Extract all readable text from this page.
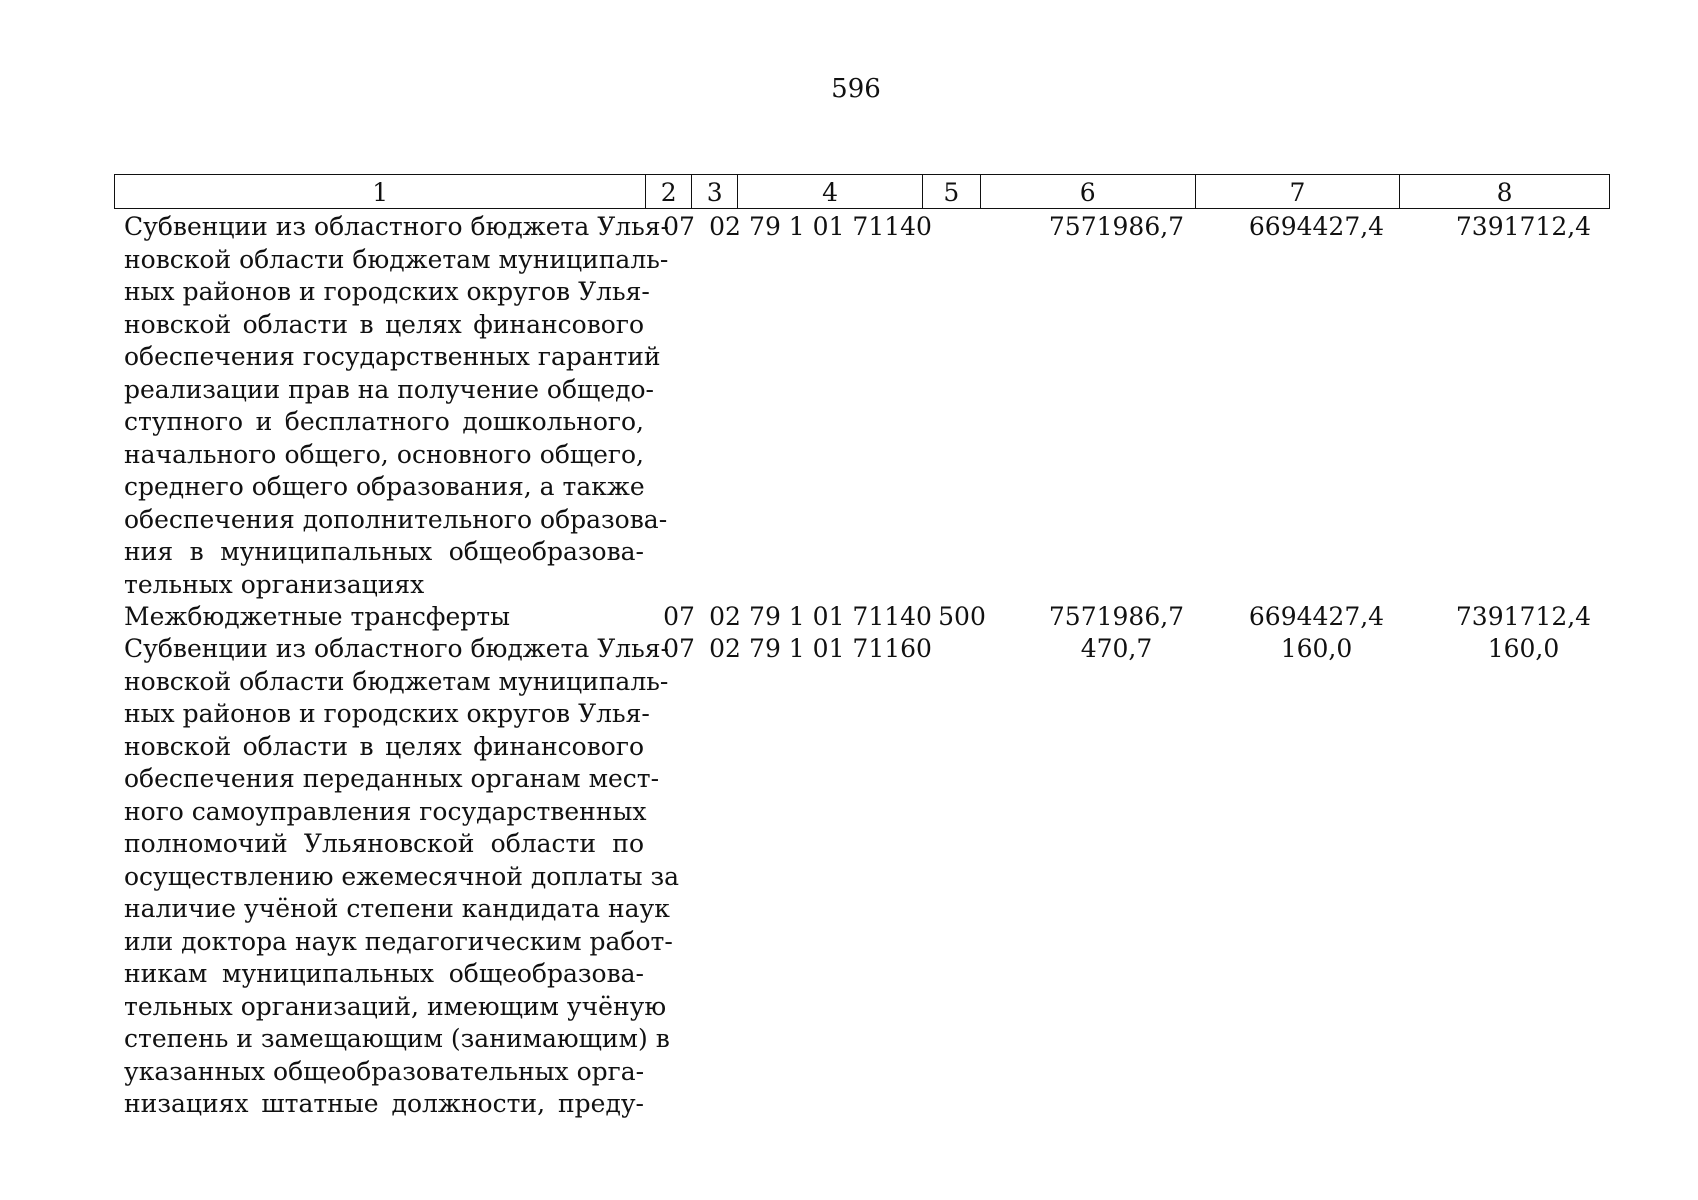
596
1	2	3	4	5	6	7	8
Субвенции из областного бюджета Улья-
новской области бюджетам муниципаль-
ных районов и городских округов Улья-
новской области в целях финансового
обеспечения государственных гарантий
реализации прав на получение общедо-
ступного и бесплатного дошкольного,
начального общего, основного общего,
среднего общего образования, а также
обеспечения дополнительного образова-
ния в муниципальных общеобразова-
тельных организациях
07 02 79 1 01 71140	7571986,7	6694427,4	7391712,4
Межбюджетные трансферты	07 02 79 1 01 71140 500	7571986,7	6694427,4	7391712,4
Субвенции из областного бюджета Улья-
новской области бюджетам муниципаль-
ных районов и городских округов Улья-
новской области в целях финансового
обеспечения переданных органам мест-
ного самоуправления государственных
полномочий Ульяновской области по
осуществлению ежемесячной доплаты за
наличие учёной степени кандидата наук
или доктора наук педагогическим работ-
никам муниципальных общеобразова-
тельных организаций, имеющим учёную
степень и замещающим (занимающим) в
указанных общеобразовательных орга-
низациях штатные должности, преду-
07 02 79 1 01 71160	470,7	160,0	160,0
